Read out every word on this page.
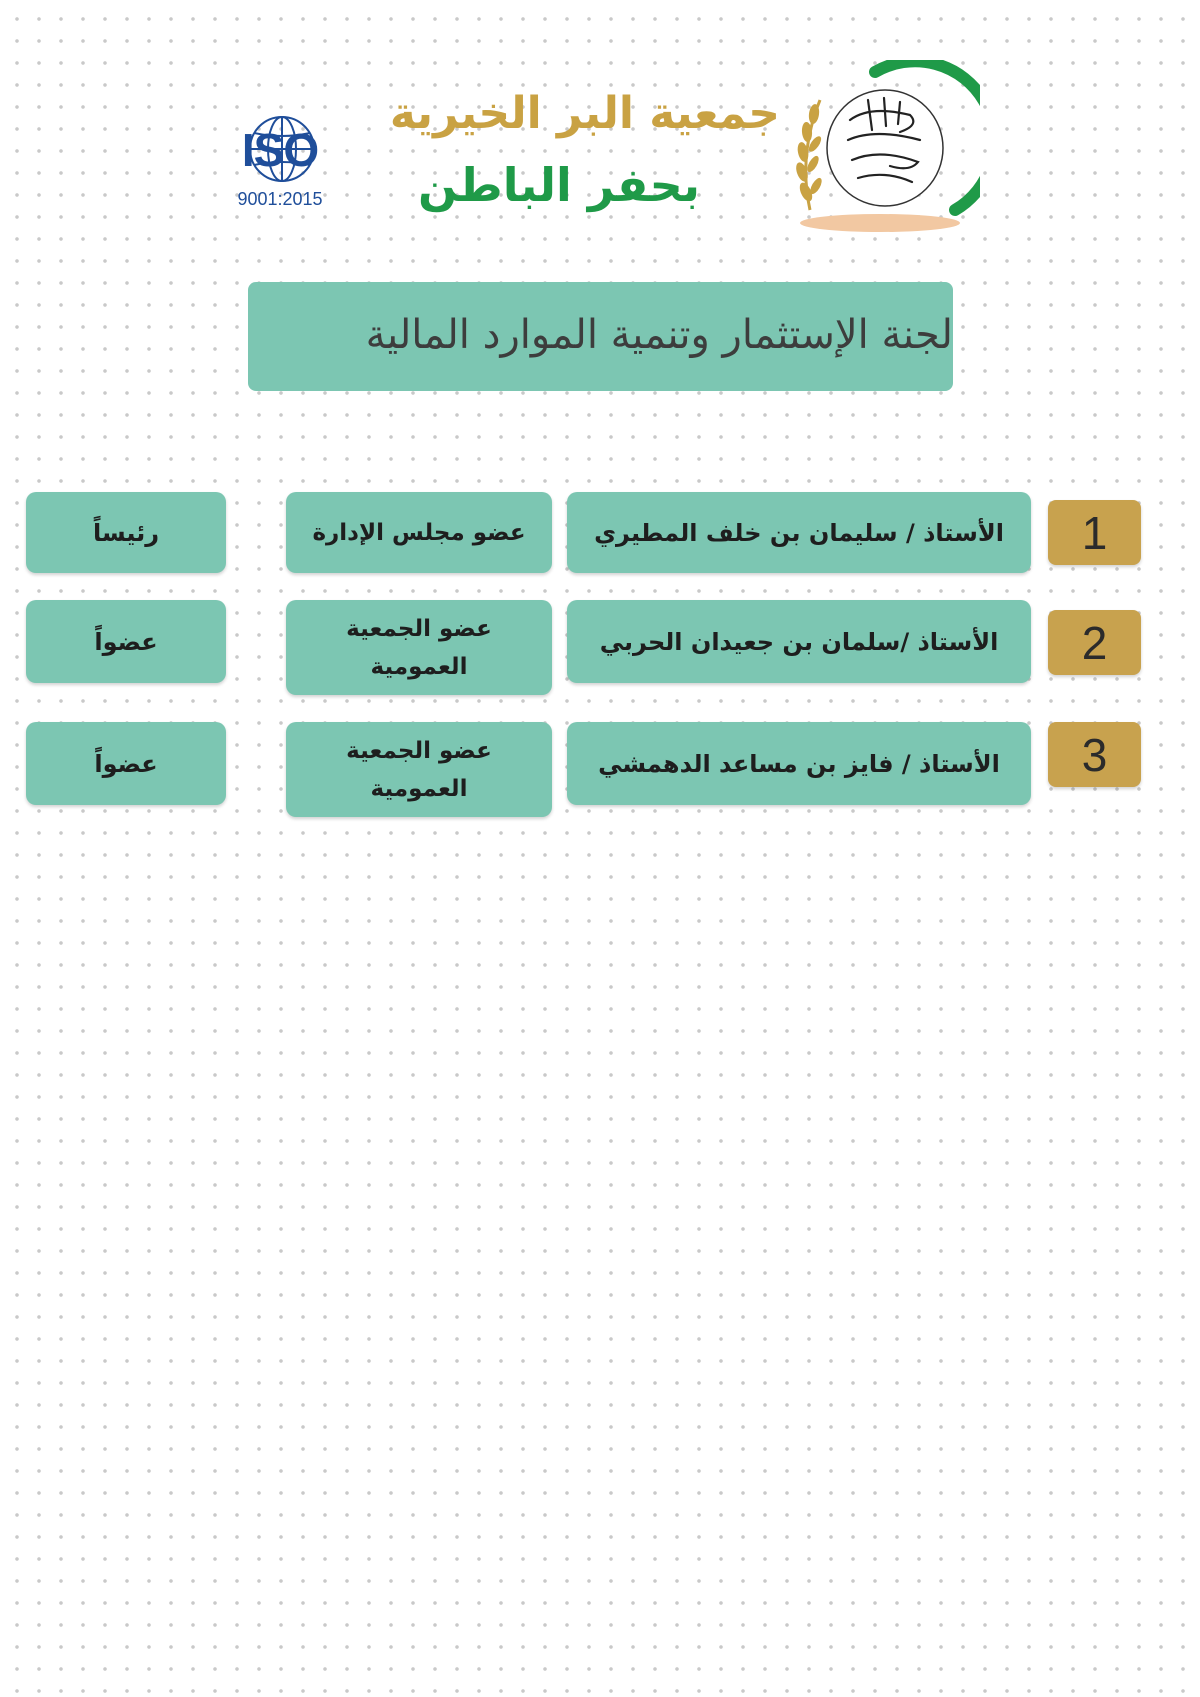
ISO
9001:2015
جمعية البر الخيرية
بحفر الباطن
لجنة الإستثمار وتنمية الموارد المالية
1
الأستاذ / سليمان بن خلف المطيري
عضو مجلس الإدارة
رئيساً
2
الأستاذ /سلمان بن جعيدان الحربي
عضو الجمعية العمومية
عضواً
3
الأستاذ / فايز بن مساعد الدهمشي
عضو الجمعية العمومية
عضواً
